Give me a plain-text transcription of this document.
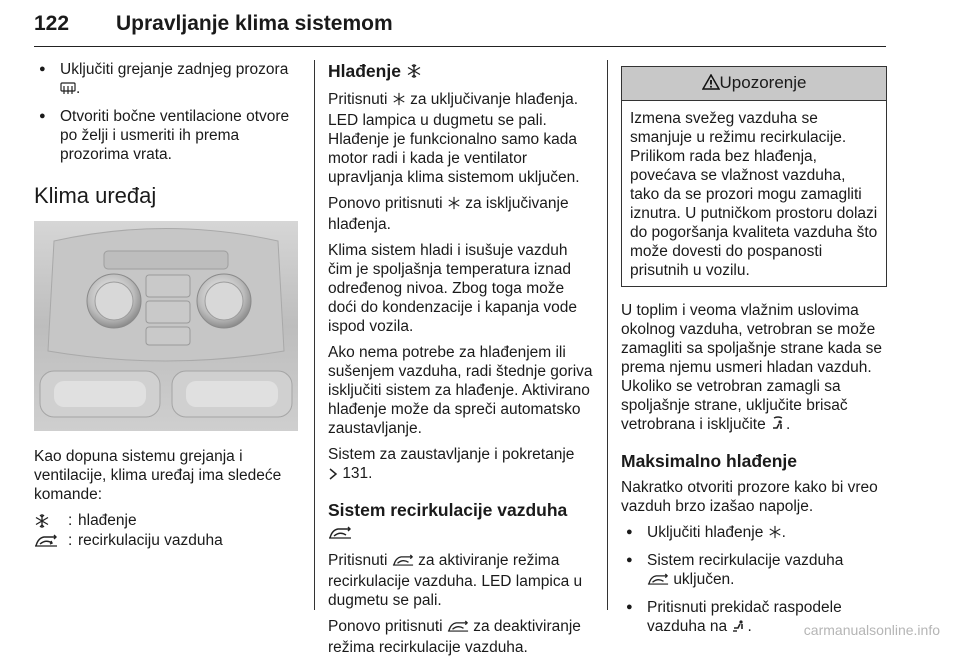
122 Upravljanje klima sistemom
● Uključiti grejanje zadnjeg prozora .
● Otvoriti bočne ventilacione otvore po želji i usmeriti ih prema prozorima vrata.
Klima uređaj

Kao dopuna sistemu grejanja i ventilacije, klima uređaj ima sledeće komande:

: hlađenje
: recirkulaciju vazduha
Hlađenje

Pritisnuti za uključivanje hlađenja. LED lampica u dugmetu se pali. Hlađenje je funkcionalno samo kada motor radi i kada je ventilator upravljanja klima sistemom uključen.

Ponovo pritisnuti za isključivanje hlađenja.

Klima sistem hladi i isušuje vazduh čim je spoljašnja temperatura iznad određenog nivoa. Zbog toga može doći do kondenzacije i kapanja vode ispod vozila.

Ako nema potrebe za hlađenjem ili sušenjem vazduha, radi štednje goriva isključiti sistem za hlađenje. Aktivirano hlađenje može da spreči automatsko zaustavljanje.

Sistem za zaustavljanje i pokretanje
131.

Sistem recirkulacije vazduha

Pritisnuti za aktiviranje režima recirkulacije vazduha. LED lampica u dugmetu se pali.

Ponovo pritisnuti za deaktiviranje režima recirkulacije vazduha.

Upozorenje
Izmena svežeg vazduha se smanjuje u režimu recirkulacije. Prilikom rada bez hlađenja, povećava se vlažnost vazduha, tako da se prozori mogu zamagliti iznutra. U putničkom prostoru dolazi do pogoršanja kvaliteta vazduha što može dovesti do pospanosti prisutnih u vozilu.

U toplim i veoma vlažnim uslovima okolnog vazduha, vetrobran se može zamagliti sa spoljašnje strane kada se prema njemu usmeri hladan vazduh. Ukoliko se vetrobran zamagli sa spoljašnje strane, uključite brisač vetrobrana i isključite .

Maksimalno hlađenje

Nakratko otvoriti prozore kako bi vreo vazduh brzo izašao napolje.

● Uključiti hlađenje .
● Sistem recirkulacije vazduha
uključen.
● Pritisnuti prekidač raspodele vazduha na .	carmanualsonline.info
